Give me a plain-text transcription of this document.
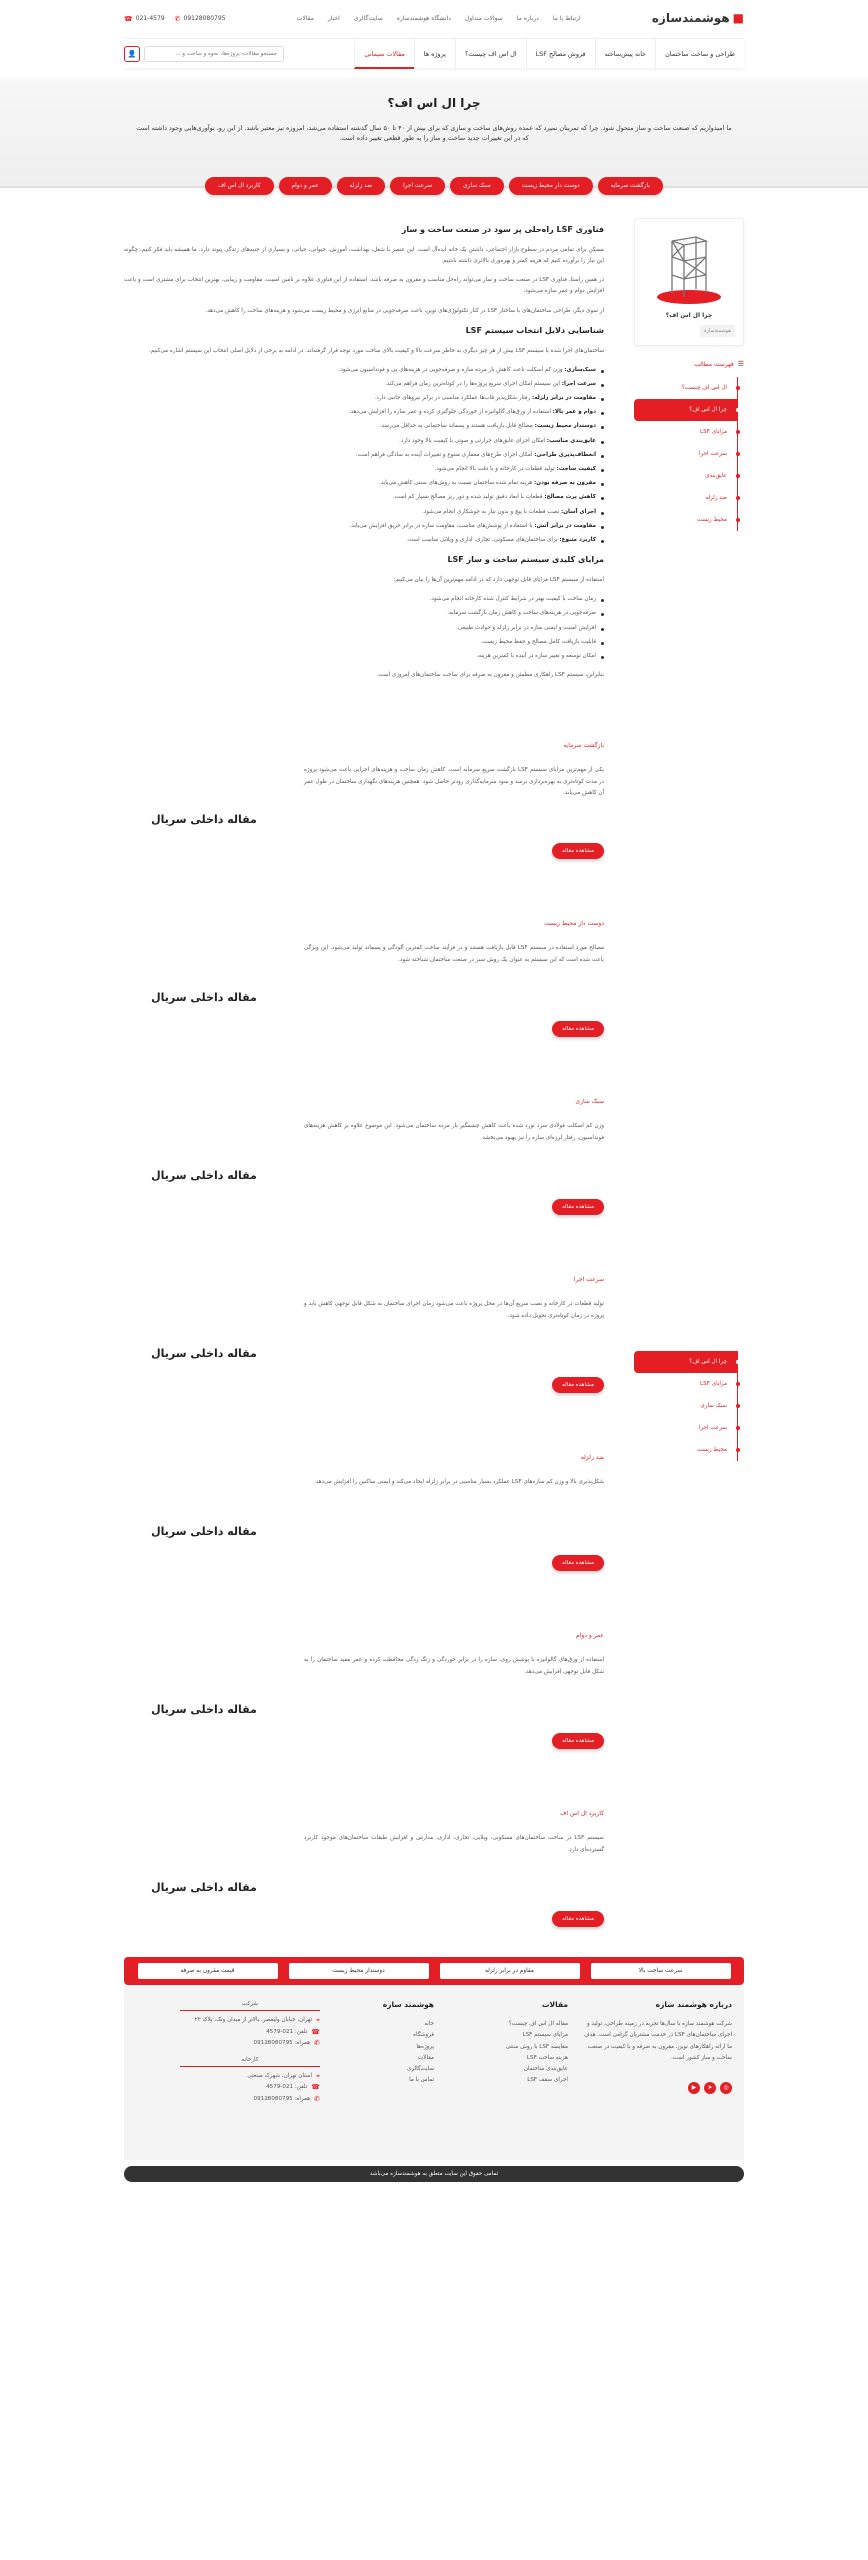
■
هوشمندسازه
ارتباط با ما
درباره ما
سوالات متداول
دانشگاه هوشمندسازه
سایت‌گالری
اخبار
مقالات
☎ 021-4579 ✆ 09128080795
طراحی و ساخت ساختمان
خانه پیش‌ساخته
فروش مصالح LSF
ال اس اف چیست؟
پروژه ها
مقالات سیمانی
جستجو مقالات، پروژه‌ها، نحوه و ساخت و ...
👤
چرا ال اس اف؟
ما امیدواریم که صنعت ساخت و ساز متحول شود. چرا که تمرینان نمیرد که عمده روش‌های ساخت و سازی که برای بیش از ۴۰ تا ۵۰ سال گذشته استفاده می‌شد، امروزه نیز معتبر باشد. از این رو، نوآوری‌هایی وجود داشته است که در این تغییرات جدید ساخت و ساز را به طور قطعی تغییر داده است.
بازگشت سرمایه
دوست دار محیط زیست
سبک سازی
سرعت اجرا
ضد زلزله
عمر و دوام
کاربرد ال اس اف
چرا ال اس اف؟
هوشمندسازه
☰
فهرست مطالب
ال اس اف چیست؟
چرا ال اس اف؟
مزایای LSF
سرعت اجرا
عایق‌بندی
ضد زلزله
محیط زیست
چرا ال اس اف؟
مزایای LSF
سبک سازی
سرعت اجرا
محیط زیست
فناوری LSF راه‌حلی پر سود در صنعت ساخت و ساز

مسکن برای تمامی مردم در سطوح بازار اجتماعی، داشتن یک خانه ایده‌آل است. این عنصر با شغل، بهداشت، آموزش، حیوانی، حیاتی، و بسیاری از جنبه‌های زندگی پیوند دارد. ما همیشه باید فکر کنیم، چگونه این نیاز را برآورده کنیم که هزینه کمتر و بهره‌وری بالاتری داشته باشیم.

در همین راستا، فناوری LSF در صنعت ساخت و ساز می‌تواند راه‌حل مناسب و مقرون به صرفه باشد. استفاده از این فناوری علاوه بر تامین امنیت، مقاومت و زیبایی، بهترین انتخاب برای مشتری است و باعث افزایش دوام و عمر سازه می‌شود.

از سوی دیگر، طراحی ساختمان‌های با ساختار LSF در کنار تکنولوژی‌های نوین، باعث صرفه‌جویی در منابع انرژی و محیط زیست می‌شود و هزینه‌های ساخت را کاهش می‌دهد.

شناسایی دلایل انتخاب سیستم LSF

ساختمان‌های اجرا شده با سیستم LSF بیش از هر چیز دیگری به خاطر سرعت بالا و کیفیت بالای ساخت مورد توجه قرار گرفته‌اند. در ادامه به برخی از دلایل اصلی انتخاب این سیستم اشاره می‌کنیم.

سبک‌سازی: وزن کم اسکلت باعث کاهش بار مرده سازه و صرفه‌جویی در هزینه‌های پی و فونداسیون می‌شود.
سرعت اجرا: این سیستم امکان اجرای سریع پروژه‌ها را در کوتاه‌ترین زمان فراهم می‌کند.
مقاومت در برابر زلزله: رفتار شکل‌پذیر قاب‌ها عملکرد مناسبی در برابر نیروهای جانبی دارد.
دوام و عمر بالا: استفاده از ورق‌های گالوانیزه از خوردگی جلوگیری کرده و عمر سازه را افزایش می‌دهد.
دوستدار محیط زیست: مصالح قابل بازیافت هستند و پسماند ساختمانی به حداقل می‌رسد.
عایق‌بندی مناسب: امکان اجرای عایق‌های حرارتی و صوتی با کیفیت بالا وجود دارد.
انعطاف‌پذیری طراحی: امکان اجرای طرح‌های معماری متنوع و تغییرات آینده به سادگی فراهم است.
کیفیت ساخت: تولید قطعات در کارخانه و با دقت بالا انجام می‌شود.
مقرون به صرفه بودن: هزینه تمام شده ساختمان نسبت به روش‌های سنتی کاهش می‌یابد.
کاهش پرت مصالح: قطعات با ابعاد دقیق تولید شده و دور ریز مصالح بسیار کم است.
اجرای آسان: نصب قطعات با پیچ و بدون نیاز به جوشکاری انجام می‌شود.
مقاومت در برابر آتش: با استفاده از پوشش‌های مناسب، مقاومت سازه در برابر حریق افزایش می‌یابد.
کاربرد متنوع: برای ساختمان‌های مسکونی، تجاری، اداری و ویلایی مناسب است.
مزایای کلیدی سیستم ساخت و ساز LSF

استفاده از سیستم LSF مزایای قابل توجهی دارد که در ادامه مهم‌ترین آن‌ها را بیان می‌کنیم:

زمان ساخت با کیفیت بهتر در شرایط کنترل شده کارخانه انجام می‌شود.
صرفه‌جویی در هزینه‌های ساخت و کاهش زمان بازگشت سرمایه.
افزایش امنیت و ایمنی سازه در برابر زلزله و حوادث طبیعی.
قابلیت بازیافت کامل مصالح و حفظ محیط زیست.
امکان توسعه و تغییر سازه در آینده با کمترین هزینه.

بنابراین، سیستم LSF راهکاری مطمئن و مقرون به صرفه برای ساخت ساختمان‌های امروزی است.

بازگشت سرمایه

یکی از مهم‌ترین مزایای سیستم LSF بازگشت سریع سرمایه است. کاهش زمان ساخت و هزینه‌های اجرایی باعث می‌شود پروژه در مدت کوتاه‌تری به بهره‌برداری برسد و سود سرمایه‌گذاری زودتر حاصل شود. همچنین هزینه‌های نگهداری ساختمان در طول عمر آن کاهش می‌یابد.

مقاله داخلی سریال
مشاهده مقاله
دوست دار محیط زیست

مصالح مورد استفاده در سیستم LSF قابل بازیافت هستند و در فرآیند ساخت کمترین آلودگی و پسماند تولید می‌شود. این ویژگی باعث شده است که این سیستم به عنوان یک روش سبز در صنعت ساختمان شناخته شود.

مقاله داخلی سریال
مشاهده مقاله
سبک سازی

وزن کم اسکلت فولادی سرد نورد شده باعث کاهش چشمگیر بار مرده ساختمان می‌شود. این موضوع علاوه بر کاهش هزینه‌های فونداسیون، رفتار لرزه‌ای سازه را نیز بهبود می‌بخشد.

مقاله داخلی سریال
مشاهده مقاله
سرعت اجرا

تولید قطعات در کارخانه و نصب سریع آن‌ها در محل پروژه باعث می‌شود زمان اجرای ساختمان به شکل قابل توجهی کاهش یابد و پروژه در زمان کوتاه‌تری تحویل داده شود.

مقاله داخلی سریال
مشاهده مقاله
ضد زلزله

شکل‌پذیری بالا و وزن کم سازه‌های LSF عملکرد بسیار مناسبی در برابر زلزله ایجاد می‌کند و ایمنی ساکنین را افزایش می‌دهد.

مقاله داخلی سریال
مشاهده مقاله
عمر و دوام

استفاده از ورق‌های گالوانیزه با پوشش روی، سازه را در برابر خوردگی و زنگ زدگی محافظت کرده و عمر مفید ساختمان را به شکل قابل توجهی افزایش می‌دهد.

مقاله داخلی سریال
مشاهده مقاله
کاربرد ال اس اف

سیستم LSF در ساخت ساختمان‌های مسکونی، ویلایی، تجاری، اداری، مدارس و افزایش طبقات ساختمان‌های موجود کاربرد گسترده‌ای دارد.

مقاله داخلی سریال
مشاهده مقاله
سرعت ساخت بالا
مقاوم در برابر زلزله
دوستدار محیط زیست
قیمت مقرون به صرفه
درباره هوشمند سازه
شرکت هوشمند سازه با سال‌ها تجربه در زمینه طراحی، تولید و اجرای ساختمان‌های LSF در خدمت مشتریان گرامی است. هدف ما ارائه راهکارهای نوین، مقرون به صرفه و با کیفیت در صنعت ساخت و ساز کشور است.
◎
➤
▶
مقالات
مقاله ال اس اف چیست؟
مزایای سیستم LSF
مقایسه LSF با روش سنتی
هزینه ساخت LSF
عایق‌بندی ساختمان
اجرای سقف LSF
هوشمند سازه
خانه
فروشگاه
پروژه‌ها
مقالات
سایت‌گالری
تماس با ما
شرکت
⌖
تهران، خیابان ولیعصر، بالاتر از میدان ونک، پلاک ۲۳
☎
تلفن: 021-4579
✆
همراه: 09128080795
کارخانه
⌖
استان تهران، شهرک صنعتی
☎
تلفن: 021-4579
✆
همراه: 09128080795
تمامی حقوق این سایت متعلق به هوشمندسازه می‌باشد
